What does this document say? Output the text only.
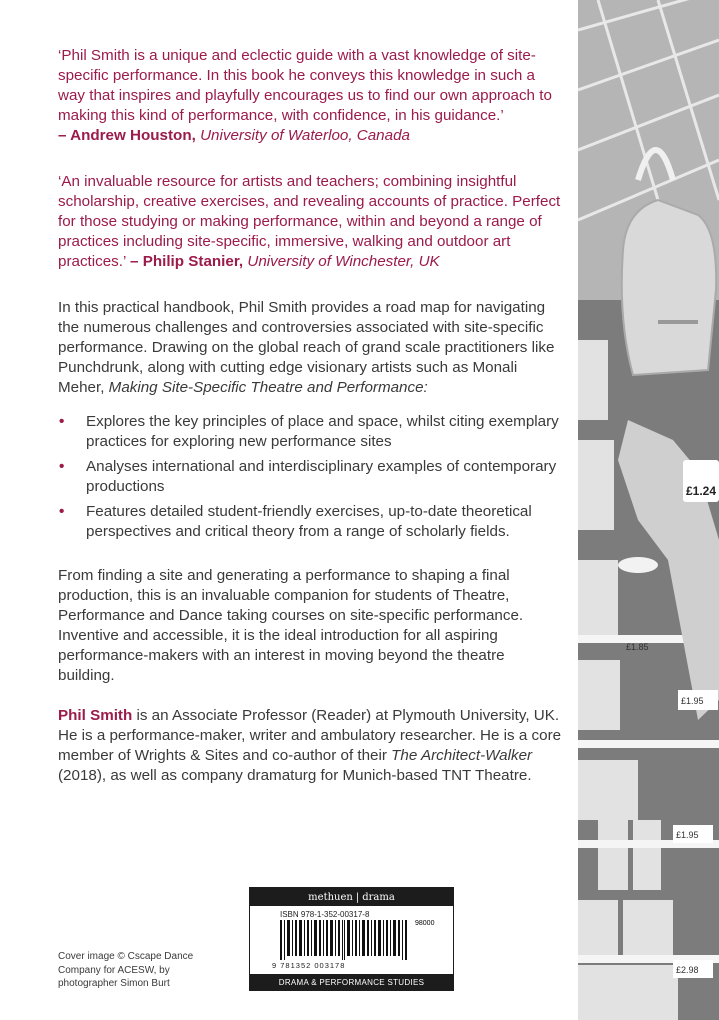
‘Phil Smith is a unique and eclectic guide with a vast knowledge of site-specific performance. In this book he conveys this knowledge in such a way that inspires and playfully encourages us to find our own approach to making this kind of performance, with confidence, in his guidance.’
– Andrew Houston, University of Waterloo, Canada

‘An invaluable resource for artists and teachers; combining insightful scholarship, creative exercises, and revealing accounts of practice. Perfect for those studying or making performance, within and beyond a range of practices including site-specific, immersive, walking and outdoor art practices.’ – Philip Stanier, University of Winchester, UK

In this practical handbook, Phil Smith provides a road map for navigating the numerous challenges and controversies associated with site-specific performance. Drawing on the global reach of grand scale practitioners like Punchdrunk, along with cutting edge visionary artists such as Monali Meher, Making Site-Specific Theatre and Performance:

• Explores the key principles of place and space, whilst citing exemplary practices for exploring new performance sites
• Analyses international and interdisciplinary examples of contemporary productions
• Features detailed student-friendly exercises, up-to-date theoretical perspectives and critical theory from a range of scholarly fields.

From finding a site and generating a performance to shaping a final production, this is an invaluable companion for students of Theatre, Performance and Dance taking courses on site-specific performance. Inventive and accessible, it is the ideal introduction for all aspiring performance-makers with an interest in moving beyond the theatre building.

Phil Smith is an Associate Professor (Reader) at Plymouth University, UK. He is a performance-maker, writer and ambulatory researcher. He is a core member of Wrights & Sites and co-author of their The Architect-Walker (2018), as well as company dramaturg for Munich-based TNT Theatre.

£1.85
£1.24
£1.95
£1.95
£2.98
Cover image © Cscape Dance Company for ACESW, by photographer Simon Burt
methuen | drama
ISBN 978-1-352-00317-8
98000
9 781352 003178
DRAMA & PERFORMANCE STUDIES
